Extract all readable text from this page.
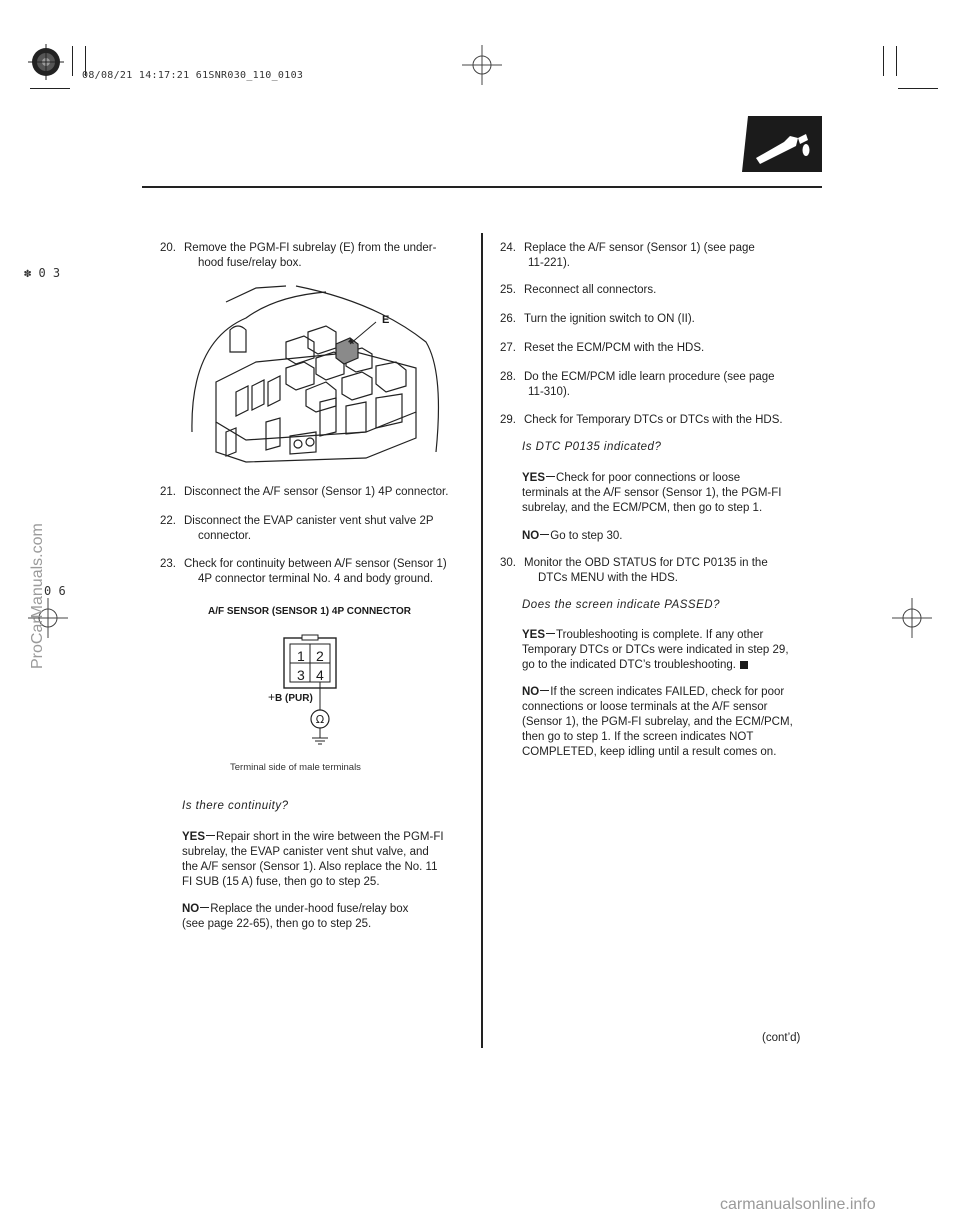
08/08/21 14:17:21 61SNR030_110_0103
✽ 0 3
0 6
ProCarManuals.com
20. Remove the PGM-FI subrelay (E) from the under-
hood fuse/relay box.
E
21. Disconnect the A/F sensor (Sensor 1) 4P connector.
22. Disconnect the EVAP canister vent shut valve 2P
connector.
23. Check for continuity between A/F sensor (Sensor 1)
4P connector terminal No. 4 and body ground.
A/F SENSOR (SENSOR 1) 4P CONNECTOR
1 2
3 4
+B (PUR)
Ω
Terminal side of male terminals
Is there continuity?
YES Repair short in the wire between the PGM-FI
subrelay, the EVAP canister vent shut valve, and
the A/F sensor (Sensor 1). Also replace the No. 11
FI SUB (15 A) fuse, then go to step 25.
NO Replace the under-hood fuse/relay box
(see page 22-65), then go to step 25.
24. Replace the A/F sensor (Sensor 1) (see page
11-221).
25. Reconnect all connectors.
26. Turn the ignition switch to ON (II).
27. Reset the ECM/PCM with the HDS.
28. Do the ECM/PCM idle learn procedure (see page
11-310).
29. Check for Temporary DTCs or DTCs with the HDS.
Is DTC P0135 indicated?
YES Check for poor connections or loose
terminals at the A/F sensor (Sensor 1), the PGM-FI
subrelay, and the ECM/PCM, then go to step 1.
NO Go to step 30.
30. Monitor the OBD STATUS for DTC P0135 in the
DTCs MENU with the HDS.
Does the screen indicate PASSED?
YES Troubleshooting is complete. If any other
Temporary DTCs or DTCs were indicated in step 29,
go to the indicated DTC’s troubleshooting.
NO If the screen indicates FAILED, check for poor
connections or loose terminals at the A/F sensor
(Sensor 1), the PGM-FI subrelay, and the ECM/PCM,
then go to step 1. If the screen indicates NOT
COMPLETED, keep idling until a result comes on.
(cont’d)
carmanualsonline.info
